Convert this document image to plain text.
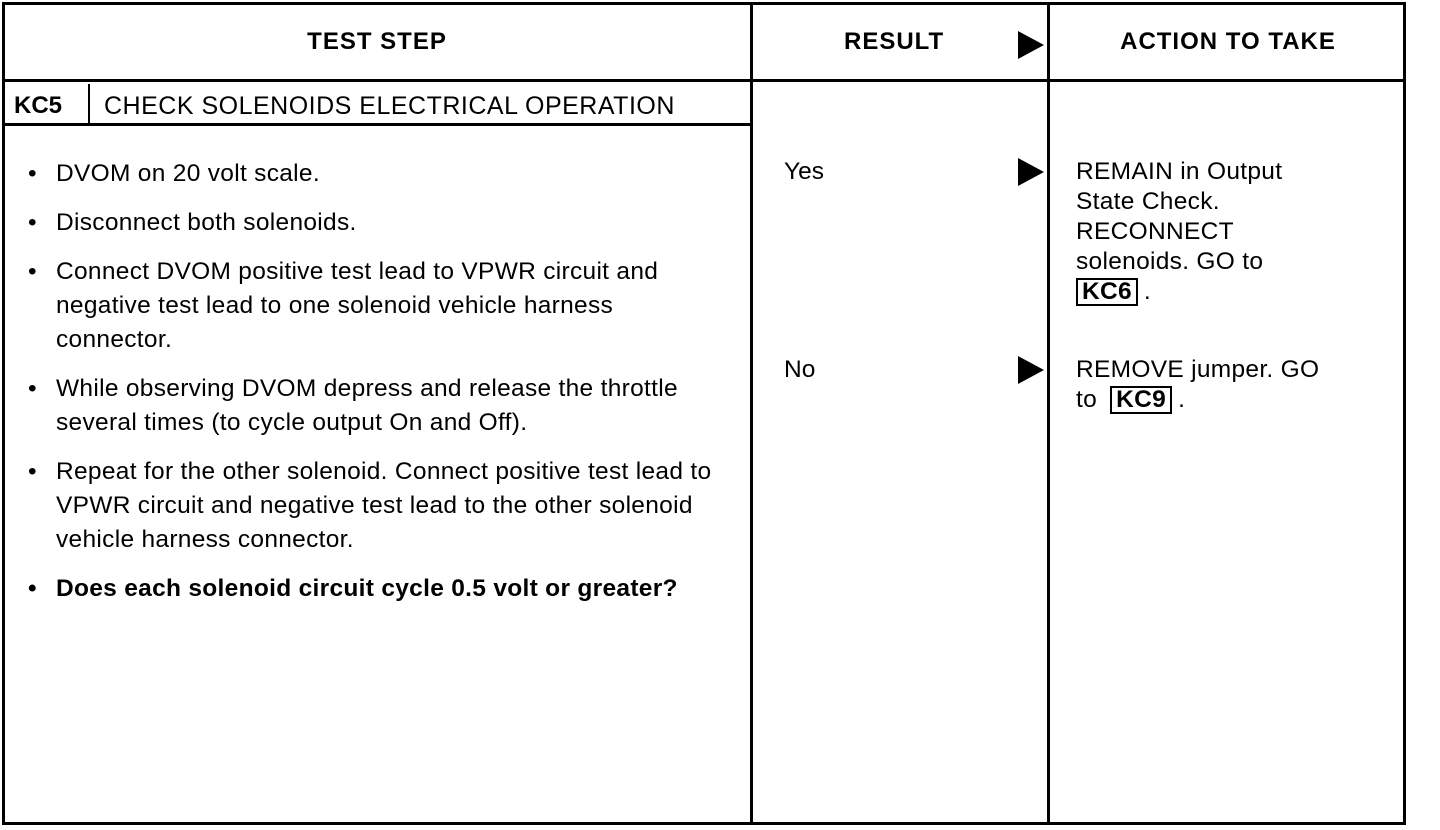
TEST STEP	RESULT	ACTION TO TAKE
KC5 CHECK SOLENOIDS ELECTRICAL OPERATION
• DVOM on 20 volt scale.
• Disconnect both solenoids.
• Connect DVOM positive test lead to VPWR circuit and negative test lead to one solenoid vehicle harness connector.
• While observing DVOM depress and release the throttle several times (to cycle output On and Off).
• Repeat for the other solenoid. Connect positive test lead to VPWR circuit and negative test lead to the other solenoid vehicle harness connector.
• Does each solenoid circuit cycle 0.5 volt or greater?
Yes	REMAIN in Output
State Check.
RECONNECT
solenoids. GO to
KC6 .
No	REMOVE jumper. GO
to KC9 .
